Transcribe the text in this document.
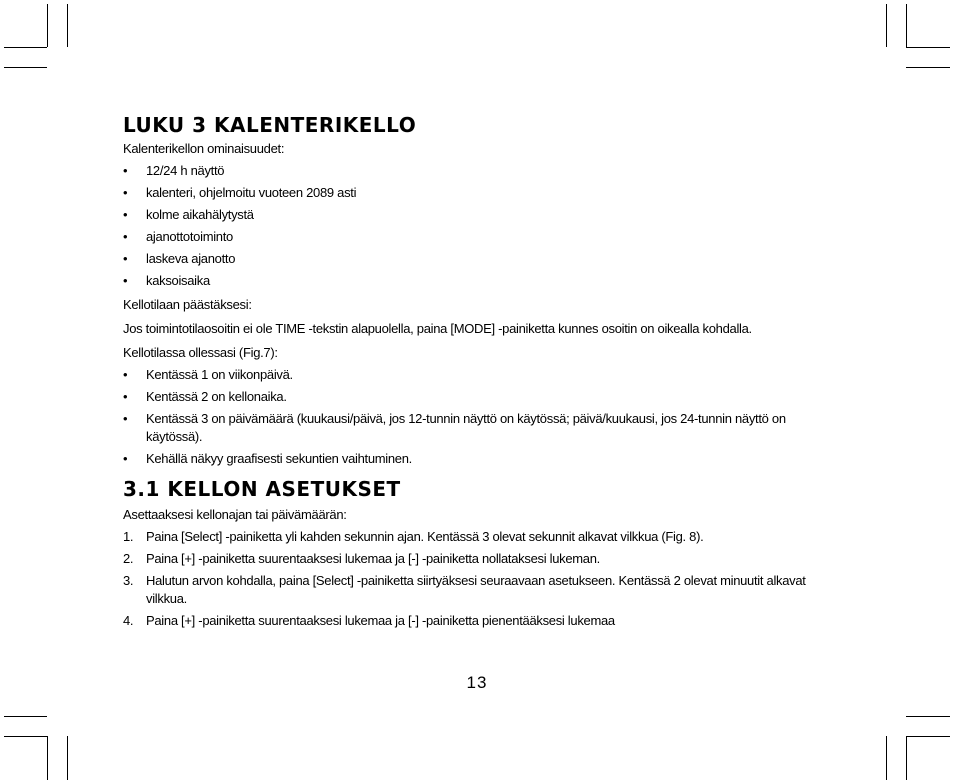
LUKU 3 KALENTERIKELLO
Kalenterikellon ominaisuudet:
• 12/24 h näyttö
• kalenteri, ohjelmoitu vuoteen 2089 asti
• kolme aikahälytystä
• ajanottotoiminto
• laskeva ajanotto
• kaksoisaika
Kellotilaan päästäksesi:
Jos toimintotilaosoitin ei ole TIME -tekstin alapuolella, paina [MODE] -painiketta kunnes osoitin on oikealla kohdalla.
Kellotilassa ollessasi (Fig.7):
• Kentässä 1 on viikonpäivä.
• Kentässä 2 on kellonaika.
• Kentässä 3 on päivämäärä (kuukausi/päivä, jos 12-tunnin näyttö on käytössä; päivä/kuukausi, jos 24-tunnin näyttö on käytössä).
• Kehällä näkyy graafisesti sekuntien vaihtuminen.
3.1 KELLON ASETUKSET
Asettaaksesi kellonajan tai päivämäärän:
1. Paina [Select] -painiketta yli kahden sekunnin ajan. Kentässä 3 olevat sekunnit alkavat vilkkua (Fig. 8).
2. Paina [+] -painiketta suurentaaksesi lukemaa ja [-] -painiketta nollataksesi lukeman.
3. Halutun arvon kohdalla, paina [Select] -painiketta siirtyäksesi seuraavaan asetukseen. Kentässä 2 olevat minuutit alkavat vilkkua.
4. Paina [+] -painiketta suurentaaksesi lukemaa ja [-] -painiketta pienentääksesi lukemaa
13
